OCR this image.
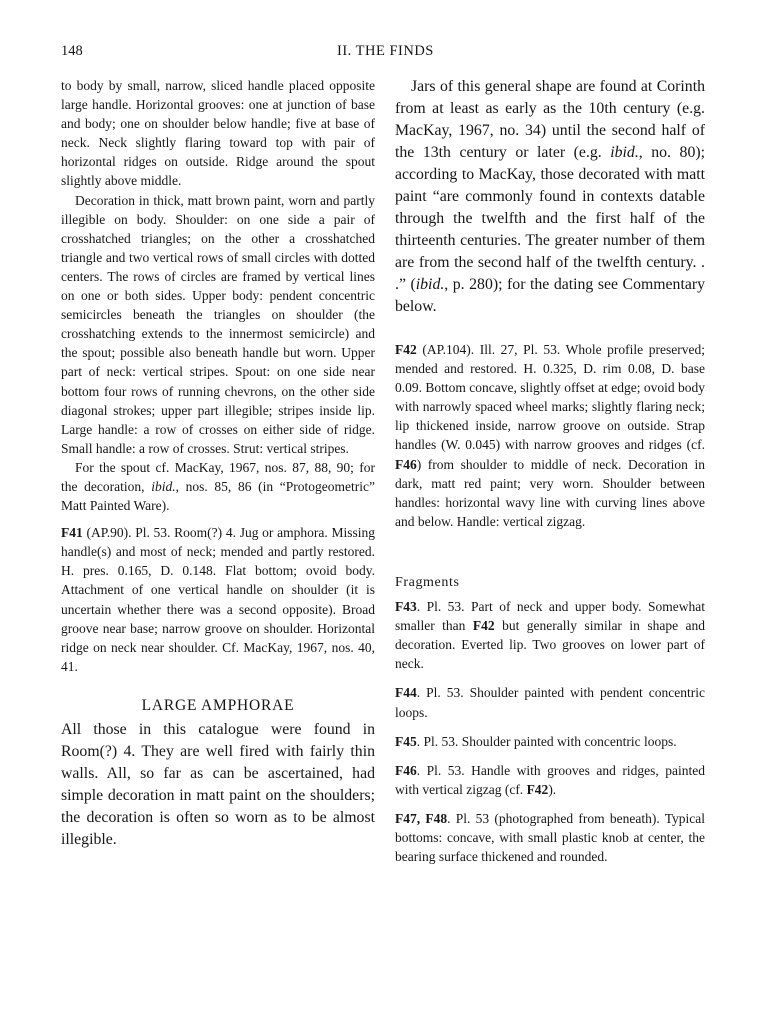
148	II. THE FINDS

to body by small, narrow, sliced handle placed opposite large handle. Horizontal grooves: one at junction of base and body; one on shoulder below handle; five at base of neck. Neck slightly flaring toward top with pair of horizontal ridges on outside. Ridge around the spout slightly above middle.

Decoration in thick, matt brown paint, worn and partly illegible on body. Shoulder: on one side a pair of crosshatched triangles; on the other a crosshatched triangle and two vertical rows of small circles with dotted centers. The rows of circles are framed by vertical lines on one or both sides. Upper body: pendent concentric semicircles beneath the triangles on shoulder (the crosshatching extends to the innermost semicircle) and the spout; possible also beneath handle but worn. Upper part of neck: vertical stripes. Spout: on one side near bottom four rows of running chevrons, on the other side diagonal strokes; upper part illegible; stripes inside lip. Large handle: a row of crosses on either side of ridge. Small handle: a row of crosses. Strut: vertical stripes.

For the spout cf. MacKay, 1967, nos. 87, 88, 90; for the decoration, ibid., nos. 85, 86 (in “Protogeometric” Matt Painted Ware).

F41 (AP.90). Pl. 53. Room(?) 4. Jug or amphora. Missing handle(s) and most of neck; mended and partly restored. H. pres. 0.165, D. 0.148. Flat bottom; ovoid body. Attachment of one vertical handle on shoulder (it is uncertain whether there was a second opposite). Broad groove near base; narrow groove on shoulder. Horizontal ridge on neck near shoulder. Cf. MacKay, 1967, nos. 40, 41.

LARGE AMPHORAE

All those in this catalogue were found in Room(?) 4. They are well fired with fairly thin walls. All, so far as can be ascertained, had simple decoration in matt paint on the shoulders; the decoration is often so worn as to be almost illegible.

Jars of this general shape are found at Corinth from at least as early as the 10th century (e.g. MacKay, 1967, no. 34) until the second half of the 13th century or later (e.g. ibid., no. 80); according to MacKay, those decorated with matt paint “are commonly found in contexts datable through the twelfth and the first half of the thirteenth centuries. The greater number of them are from the second half of the twelfth century. . .” (ibid., p. 280); for the dating see Commentary below.

F42 (AP.104). Ill. 27, Pl. 53. Whole profile preserved; mended and restored. H. 0.325, D. rim 0.08, D. base 0.09. Bottom concave, slightly offset at edge; ovoid body with narrowly spaced wheel marks; slightly flaring neck; lip thickened inside, narrow groove on outside. Strap handles (W. 0.045) with narrow grooves and ridges (cf. F46) from shoulder to middle of neck. Decoration in dark, matt red paint; very worn. Shoulder between handles: horizontal wavy line with curving lines above and below. Handle: vertical zigzag.

Fragments

F43. Pl. 53. Part of neck and upper body. Somewhat smaller than F42 but generally similar in shape and decoration. Everted lip. Two grooves on lower part of neck.

F44. Pl. 53. Shoulder painted with pendent concentric loops.

F45. Pl. 53. Shoulder painted with concentric loops.

F46. Pl. 53. Handle with grooves and ridges, painted with vertical zigzag (cf. F42).

F47, F48. Pl. 53 (photographed from beneath). Typical bottoms: concave, with small plastic knob at center, the bearing surface thickened and rounded.
